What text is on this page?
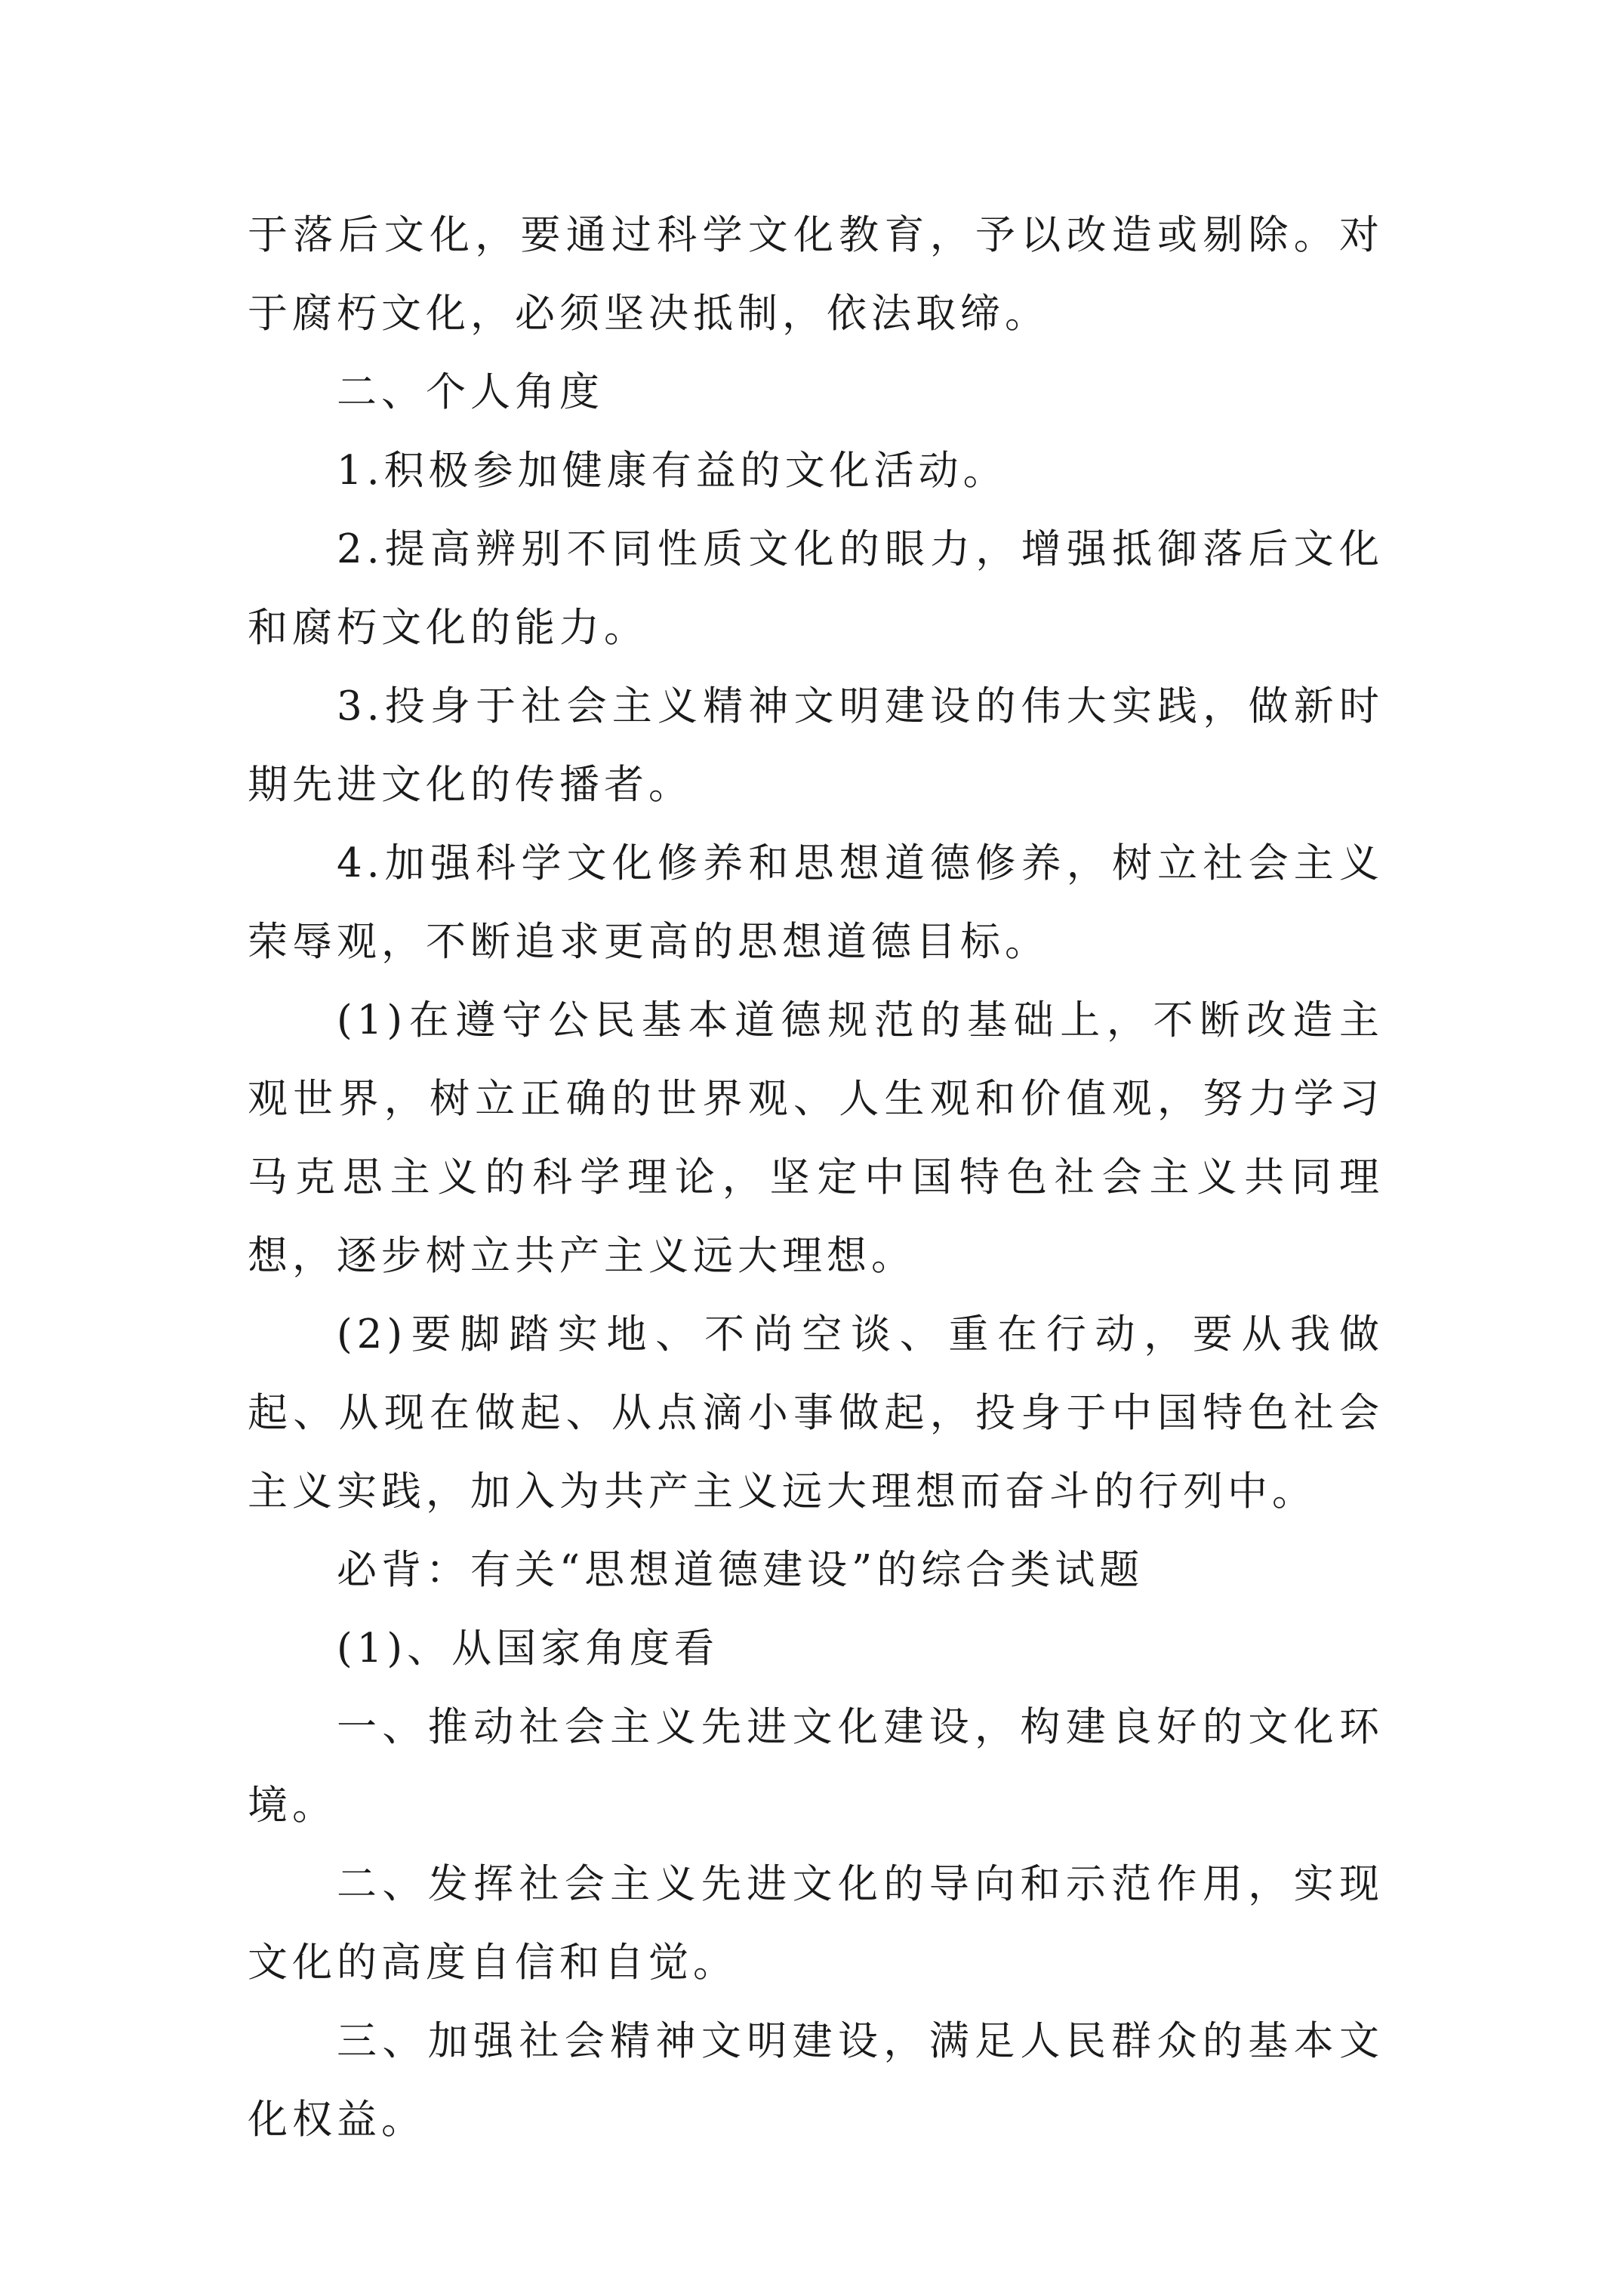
于落后文化，要通过科学文化教育，予以改造或剔除。对于腐朽文化，必须坚决抵制，依法取缔。

二、个人角度

1.积极参加健康有益的文化活动。

2.提高辨别不同性质文化的眼力，增强抵御落后文化和腐朽文化的能力。

3.投身于社会主义精神文明建设的伟大实践，做新时期先进文化的传播者。

4.加强科学文化修养和思想道德修养，树立社会主义荣辱观，不断追求更高的思想道德目标。

(1)在遵守公民基本道德规范的基础上，不断改造主观世界，树立正确的世界观、人生观和价值观，努力学习马克思主义的科学理论，坚定中国特色社会主义共同理想，逐步树立共产主义远大理想。

(2)要脚踏实地、不尚空谈、重在行动，要从我做起、从现在做起、从点滴小事做起，投身于中国特色社会主义实践，加入为共产主义远大理想而奋斗的行列中。

必背：有关“思想道德建设”的综合类试题

(1)、从国家角度看

一、推动社会主义先进文化建设，构建良好的文化环境。

二、发挥社会主义先进文化的导向和示范作用，实现文化的高度自信和自觉。

三、加强社会精神文明建设，满足人民群众的基本文化权益。
